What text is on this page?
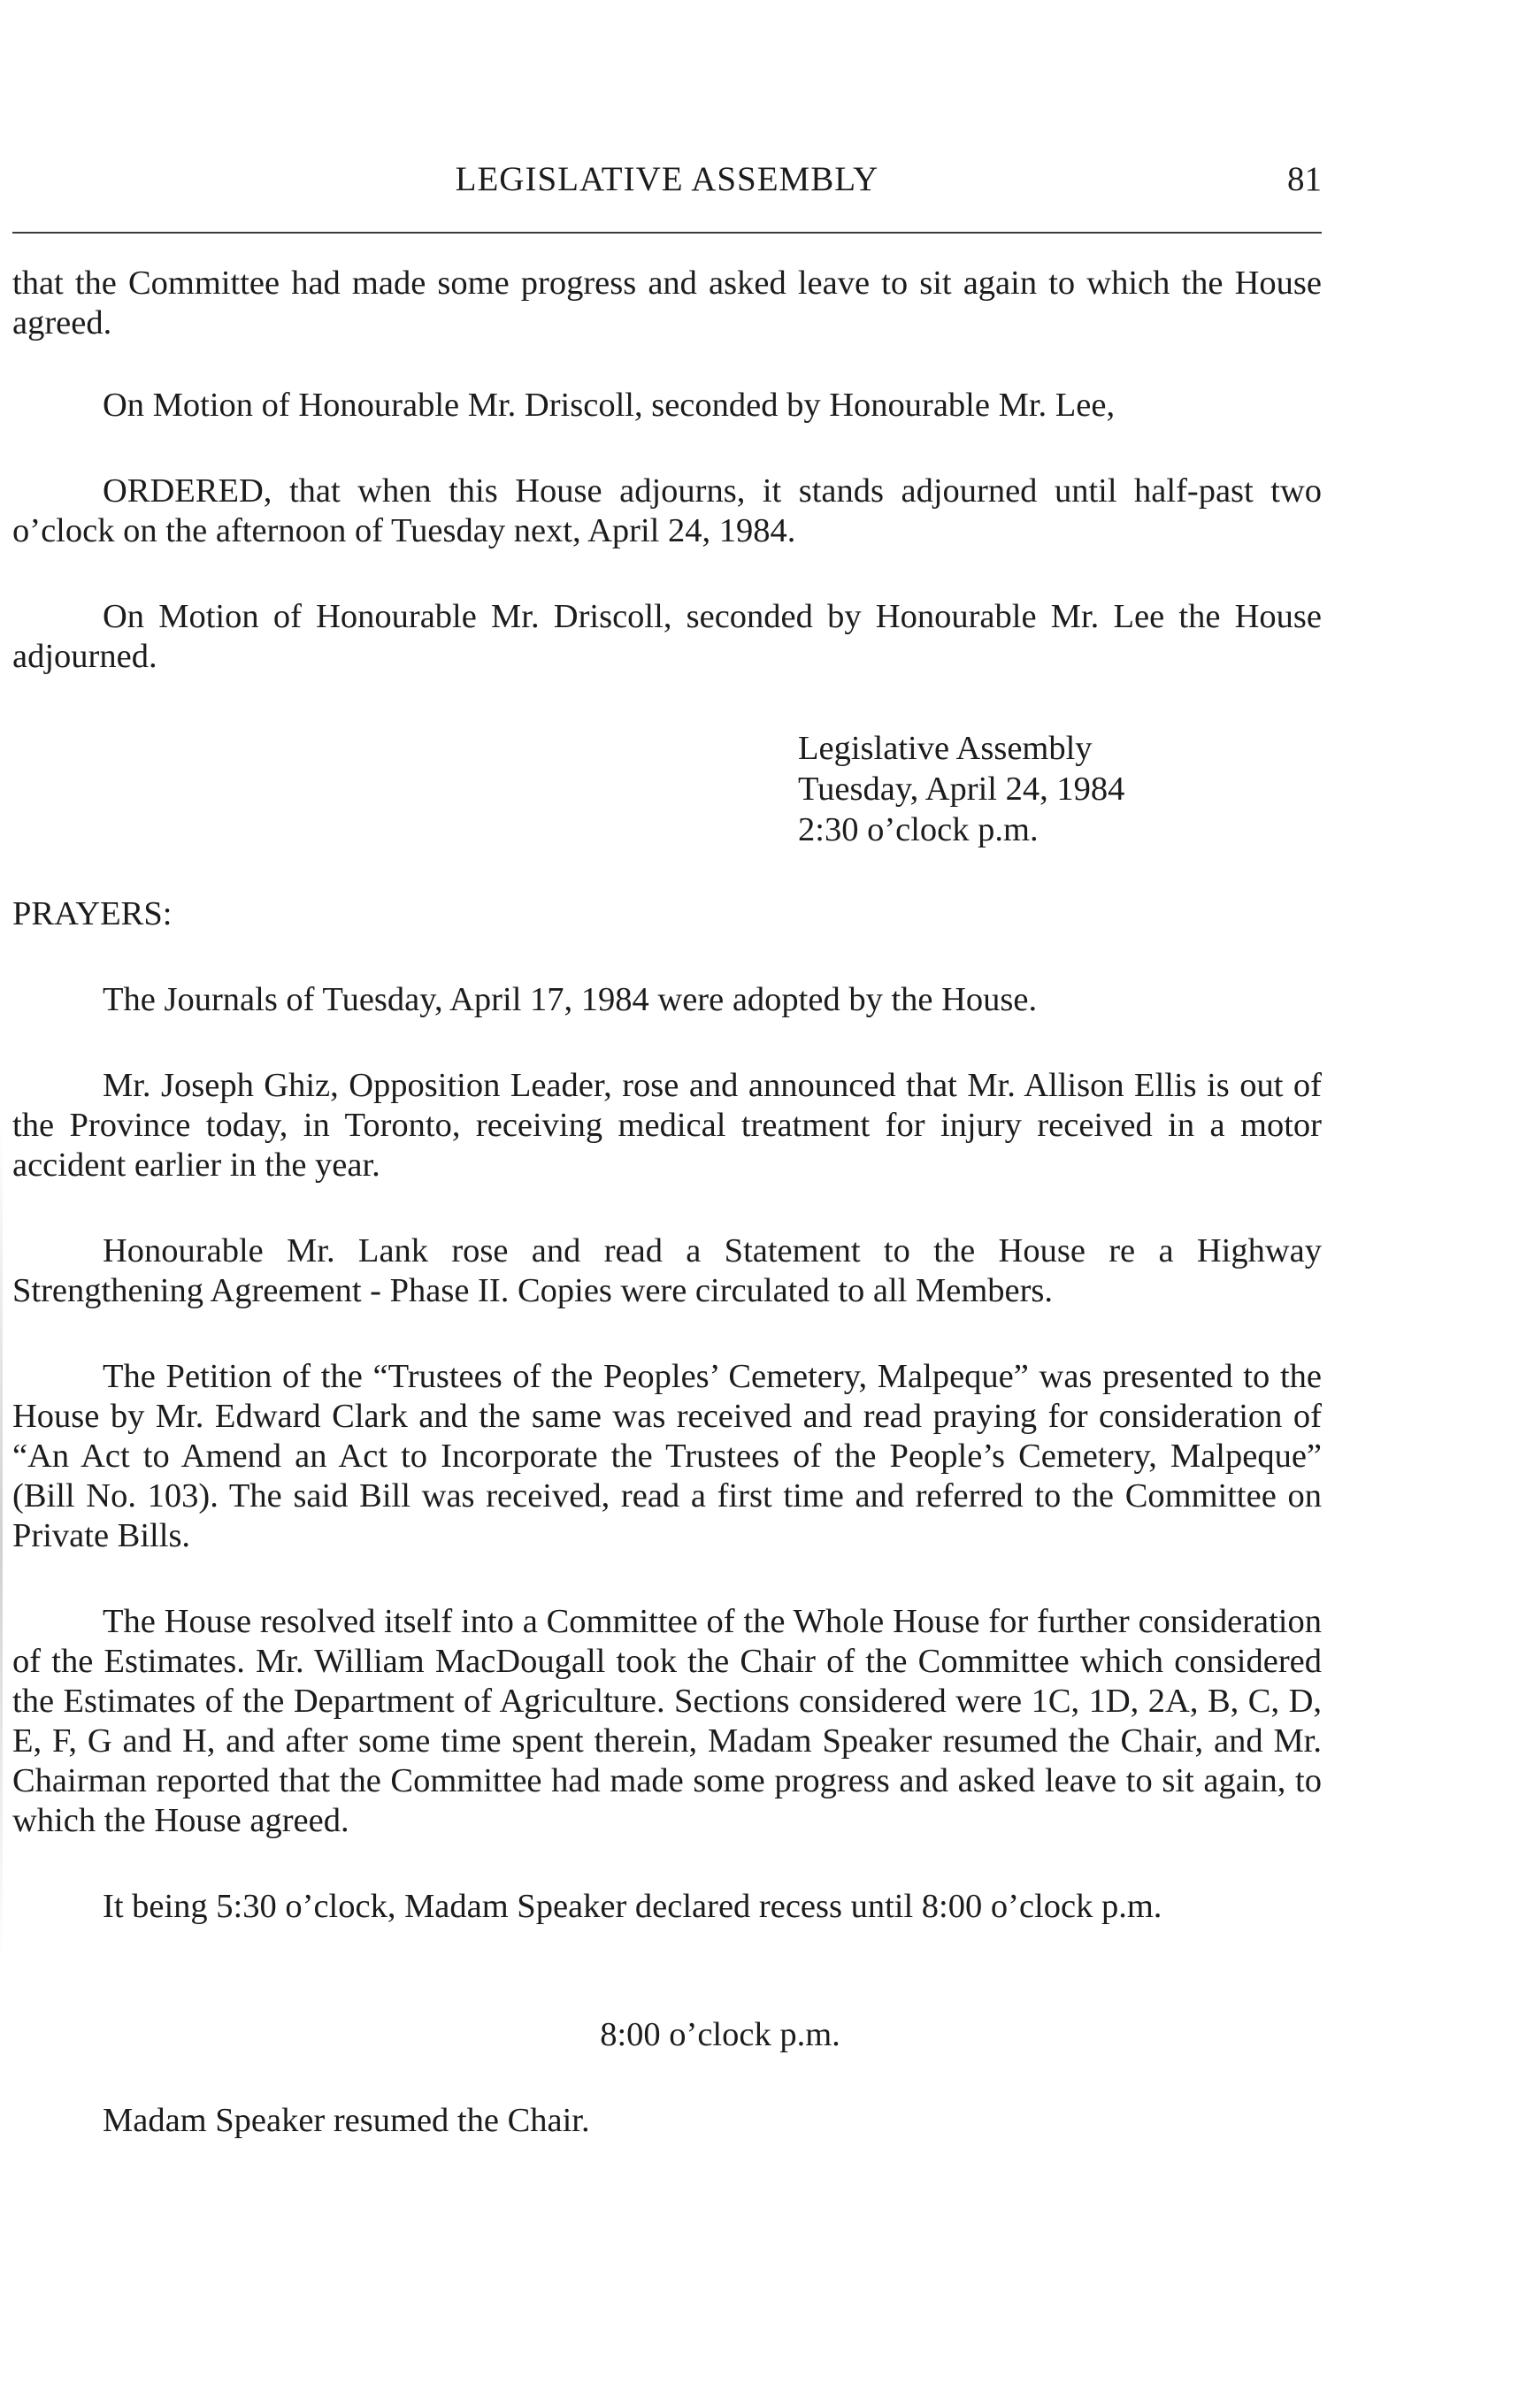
LEGISLATIVE ASSEMBLY	81

that the Committee had made some progress and asked leave to sit again to which the House agreed.

On Motion of Honourable Mr. Driscoll, seconded by Honourable Mr. Lee,

ORDERED, that when this House adjourns, it stands adjourned until half-past two o’clock on the afternoon of Tuesday next, April 24, 1984.

On Motion of Honourable Mr. Driscoll, seconded by Honourable Mr. Lee the House adjourned.

Legislative Assembly
Tuesday, April 24, 1984
2:30 o’clock p.m.

PRAYERS:

The Journals of Tuesday, April 17, 1984 were adopted by the House.

Mr. Joseph Ghiz, Opposition Leader, rose and announced that Mr. Allison Ellis is out of the Province today, in Toronto, receiving medical treatment for injury received in a motor accident earlier in the year.

Honourable Mr. Lank rose and read a Statement to the House re a Highway Strengthening Agreement - Phase II. Copies were circulated to all Members.

The Petition of the “Trustees of the Peoples’ Cemetery, Malpeque” was presented to the House by Mr. Edward Clark and the same was received and read praying for consideration of “An Act to Amend an Act to Incorporate the Trustees of the People’s Cemetery, Malpeque” (Bill No. 103). The said Bill was received, read a first time and referred to the Committee on Private Bills.

The House resolved itself into a Committee of the Whole House for further consideration of the Estimates. Mr. William MacDougall took the Chair of the Committee which considered the Estimates of the Department of Agriculture. Sections considered were 1C, 1D, 2A, B, C, D, E, F, G and H, and after some time spent therein, Madam Speaker resumed the Chair, and Mr. Chairman reported that the Committee had made some progress and asked leave to sit again, to which the House agreed.

It being 5:30 o’clock, Madam Speaker declared recess until 8:00 o’clock p.m.

8:00 o’clock p.m.

Madam Speaker resumed the Chair.
